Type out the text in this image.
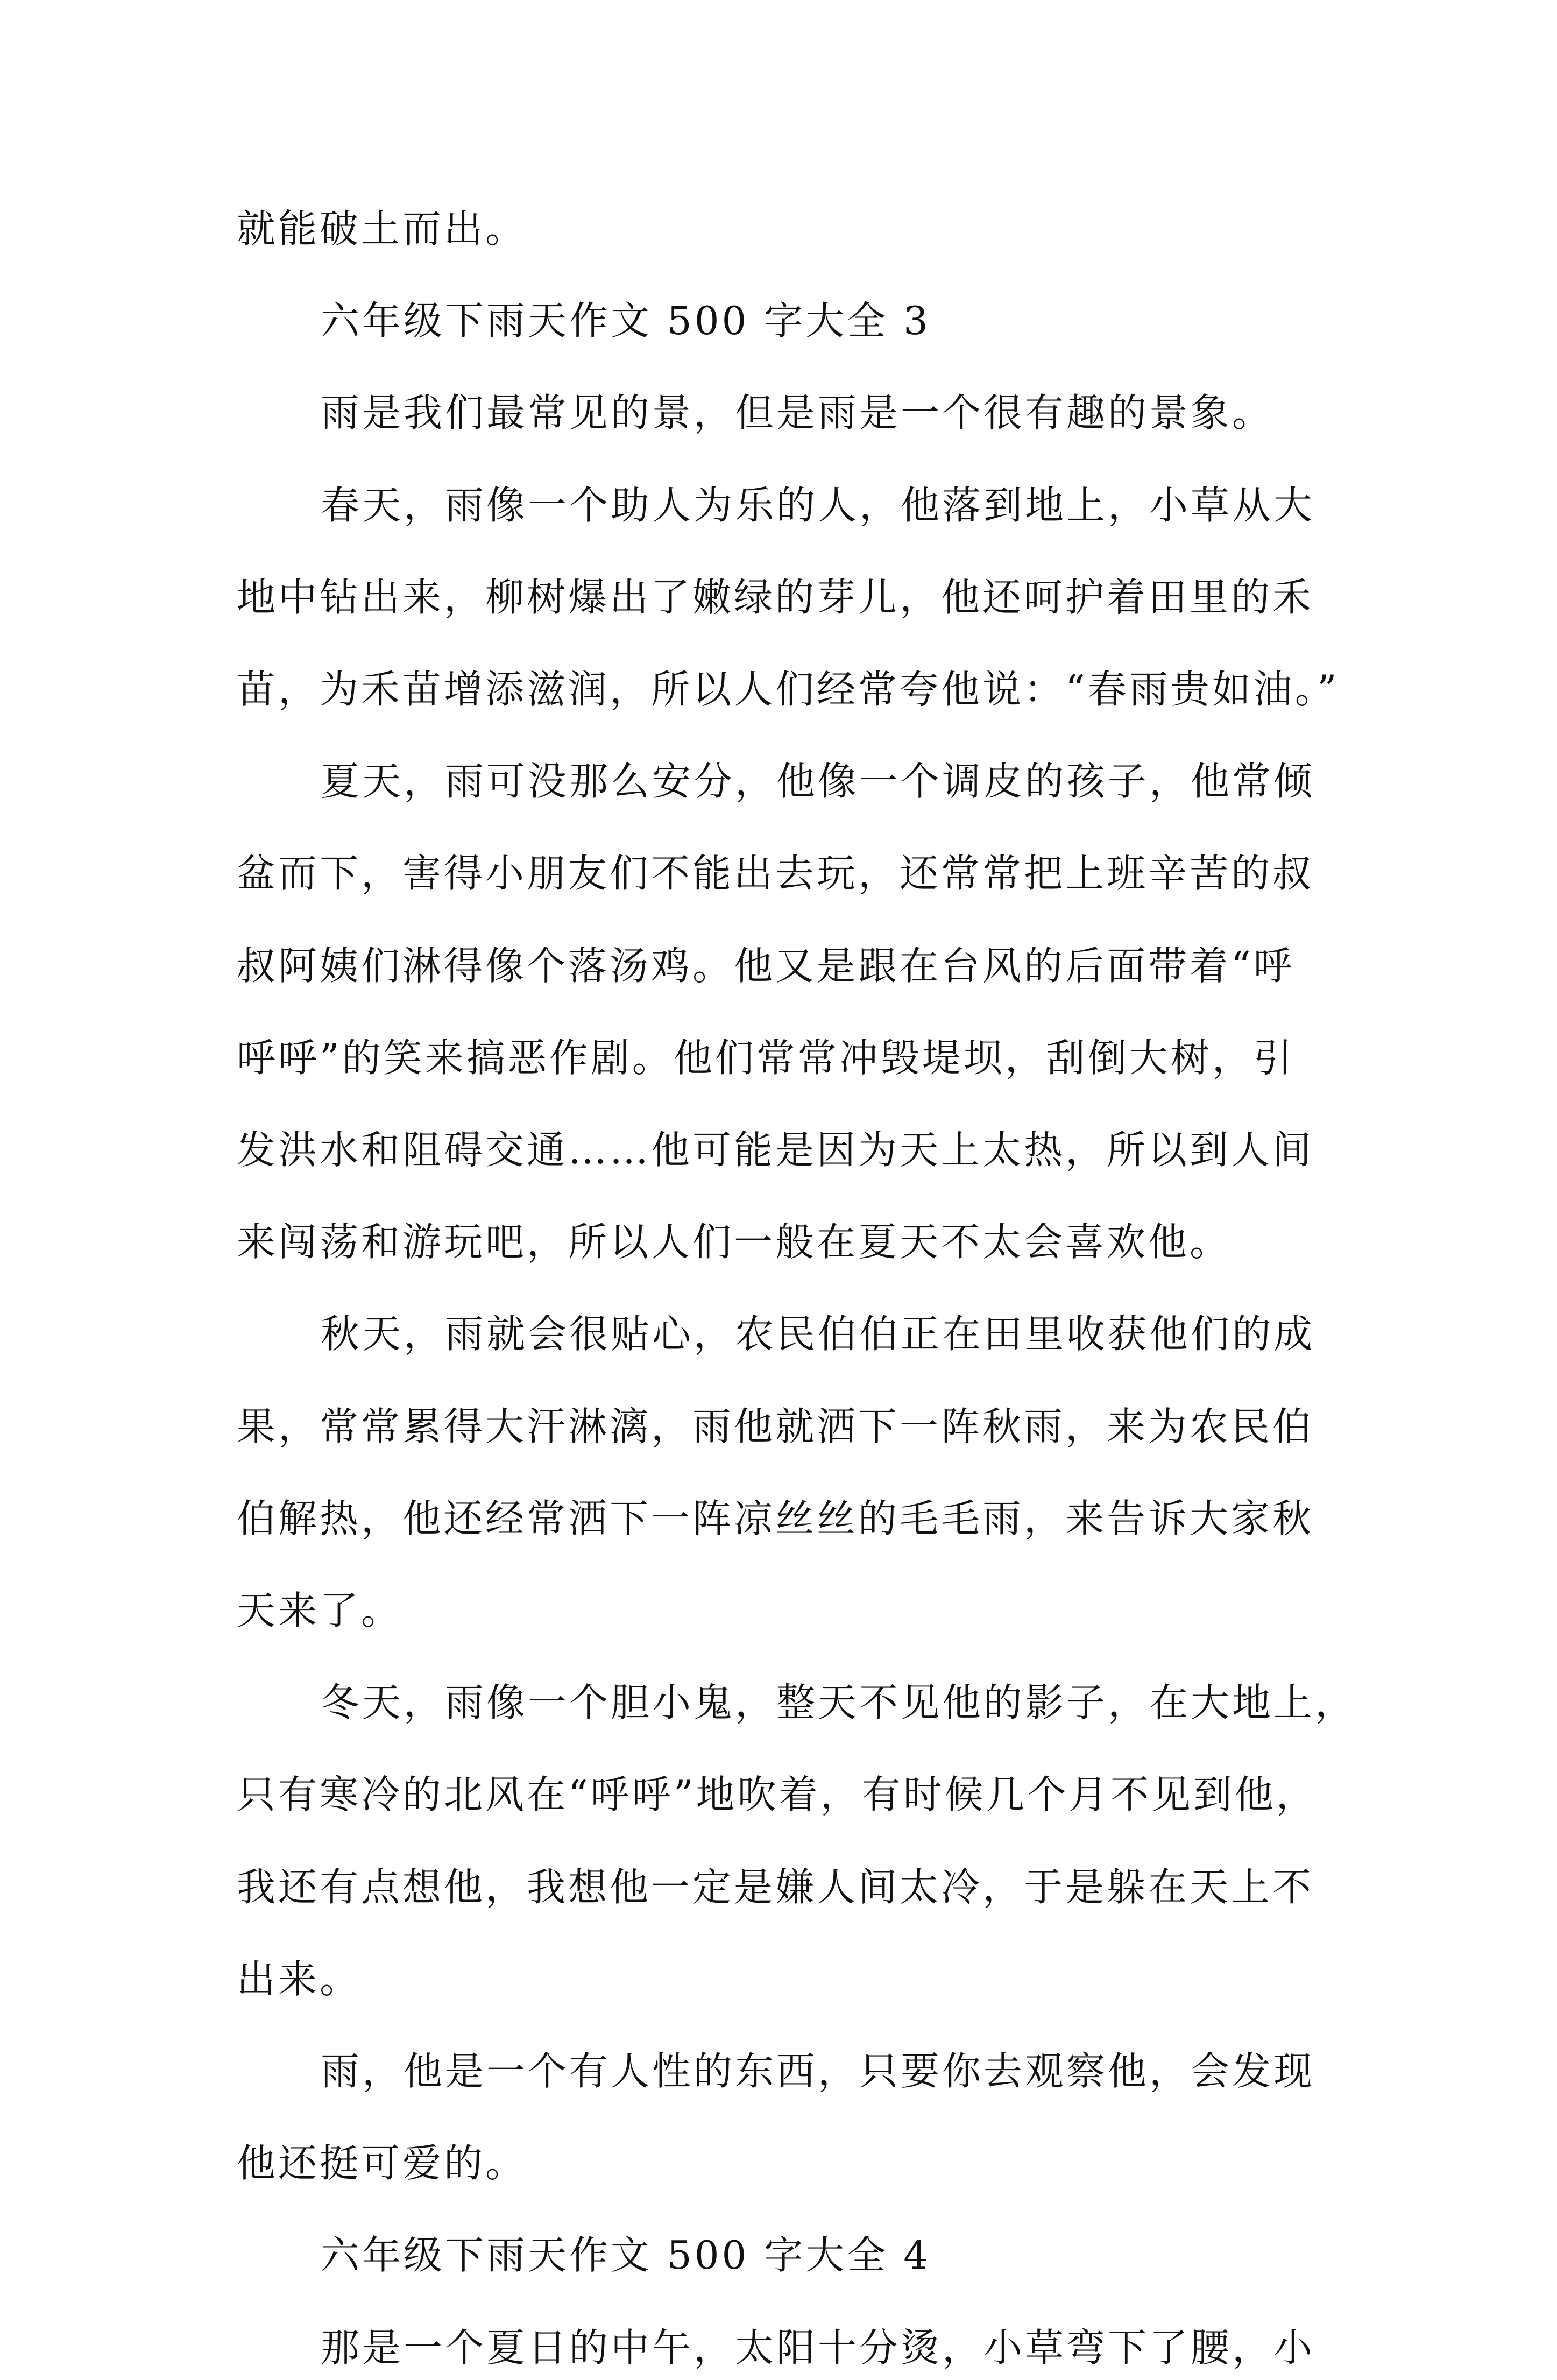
就能破土而出。
六年级下雨天作文 500 字大全 3
雨是我们最常见的景，但是雨是一个很有趣的景象。
春天，雨像一个助人为乐的人，他落到地上，小草从大
地中钻出来，柳树爆出了嫩绿的芽儿，他还呵护着田里的禾
苗，为禾苗增添滋润，所以人们经常夸他说：“春雨贵如油。”
夏天，雨可没那么安分，他像一个调皮的孩子，他常倾
盆而下，害得小朋友们不能出去玩，还常常把上班辛苦的叔
叔阿姨们淋得像个落汤鸡。他又是跟在台风的后面带着“呼
呼呼”的笑来搞恶作剧。他们常常冲毁堤坝，刮倒大树，引
发洪水和阻碍交通……他可能是因为天上太热，所以到人间
来闯荡和游玩吧，所以人们一般在夏天不太会喜欢他。
秋天，雨就会很贴心，农民伯伯正在田里收获他们的成
果，常常累得大汗淋漓，雨他就洒下一阵秋雨，来为农民伯
伯解热，他还经常洒下一阵凉丝丝的毛毛雨，来告诉大家秋
天来了。
冬天，雨像一个胆小鬼，整天不见他的影子，在大地上，
只有寒冷的北风在“呼呼”地吹着，有时候几个月不见到他，
我还有点想他，我想他一定是嫌人间太冷，于是躲在天上不
出来。
雨，他是一个有人性的东西，只要你去观察他，会发现
他还挺可爱的。
六年级下雨天作文 500 字大全 4
那是一个夏日的中午，太阳十分烫，小草弯下了腰，小
